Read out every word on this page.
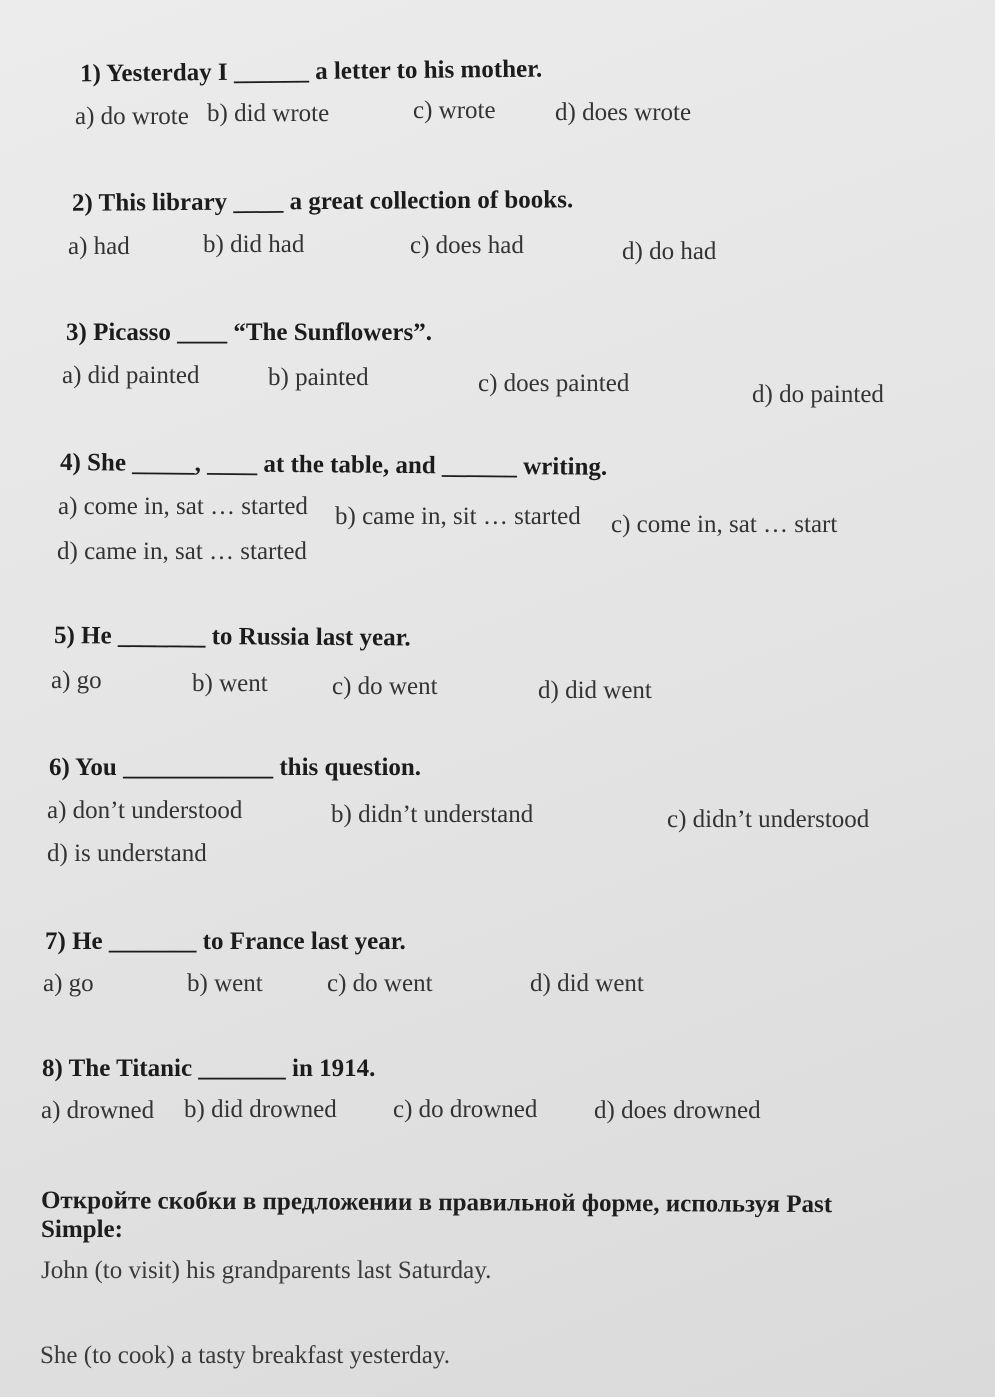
1) Yesterday I ______ a letter to his mother.
a) do wrote b) did wrote	c) wrote d) does wrote
2) This library ____ a great collection of books.
a) had	b) did had	c) does had	d) do had
3) Picasso ____ “The Sunflowers”.
a) did painted	b) painted	c) does painted	d) do painted
4) She _____, ____ at the table, and ______ writing.
a) come in, sat … started b) came in, sit … started c) come in, sat … start
d) came in, sat … started
5) He _______ to Russia last year.
a) go	b) went	c) do went	d) did went
6) You ____________ this question.
a) don’t understood	b) didn’t understand	c) didn’t understood
d) is understand
7) He _______ to France last year.
a) go	b) went	c) do went	d) did went
8) The Titanic _______ in 1914.
a) drowned b) did drowned c) do drowned d) does drowned
Откройте скобки в предложении в правильной форме, используя Past
Simple:
John (to visit) his grandparents last Saturday.
She (to cook) a tasty breakfast yesterday.
